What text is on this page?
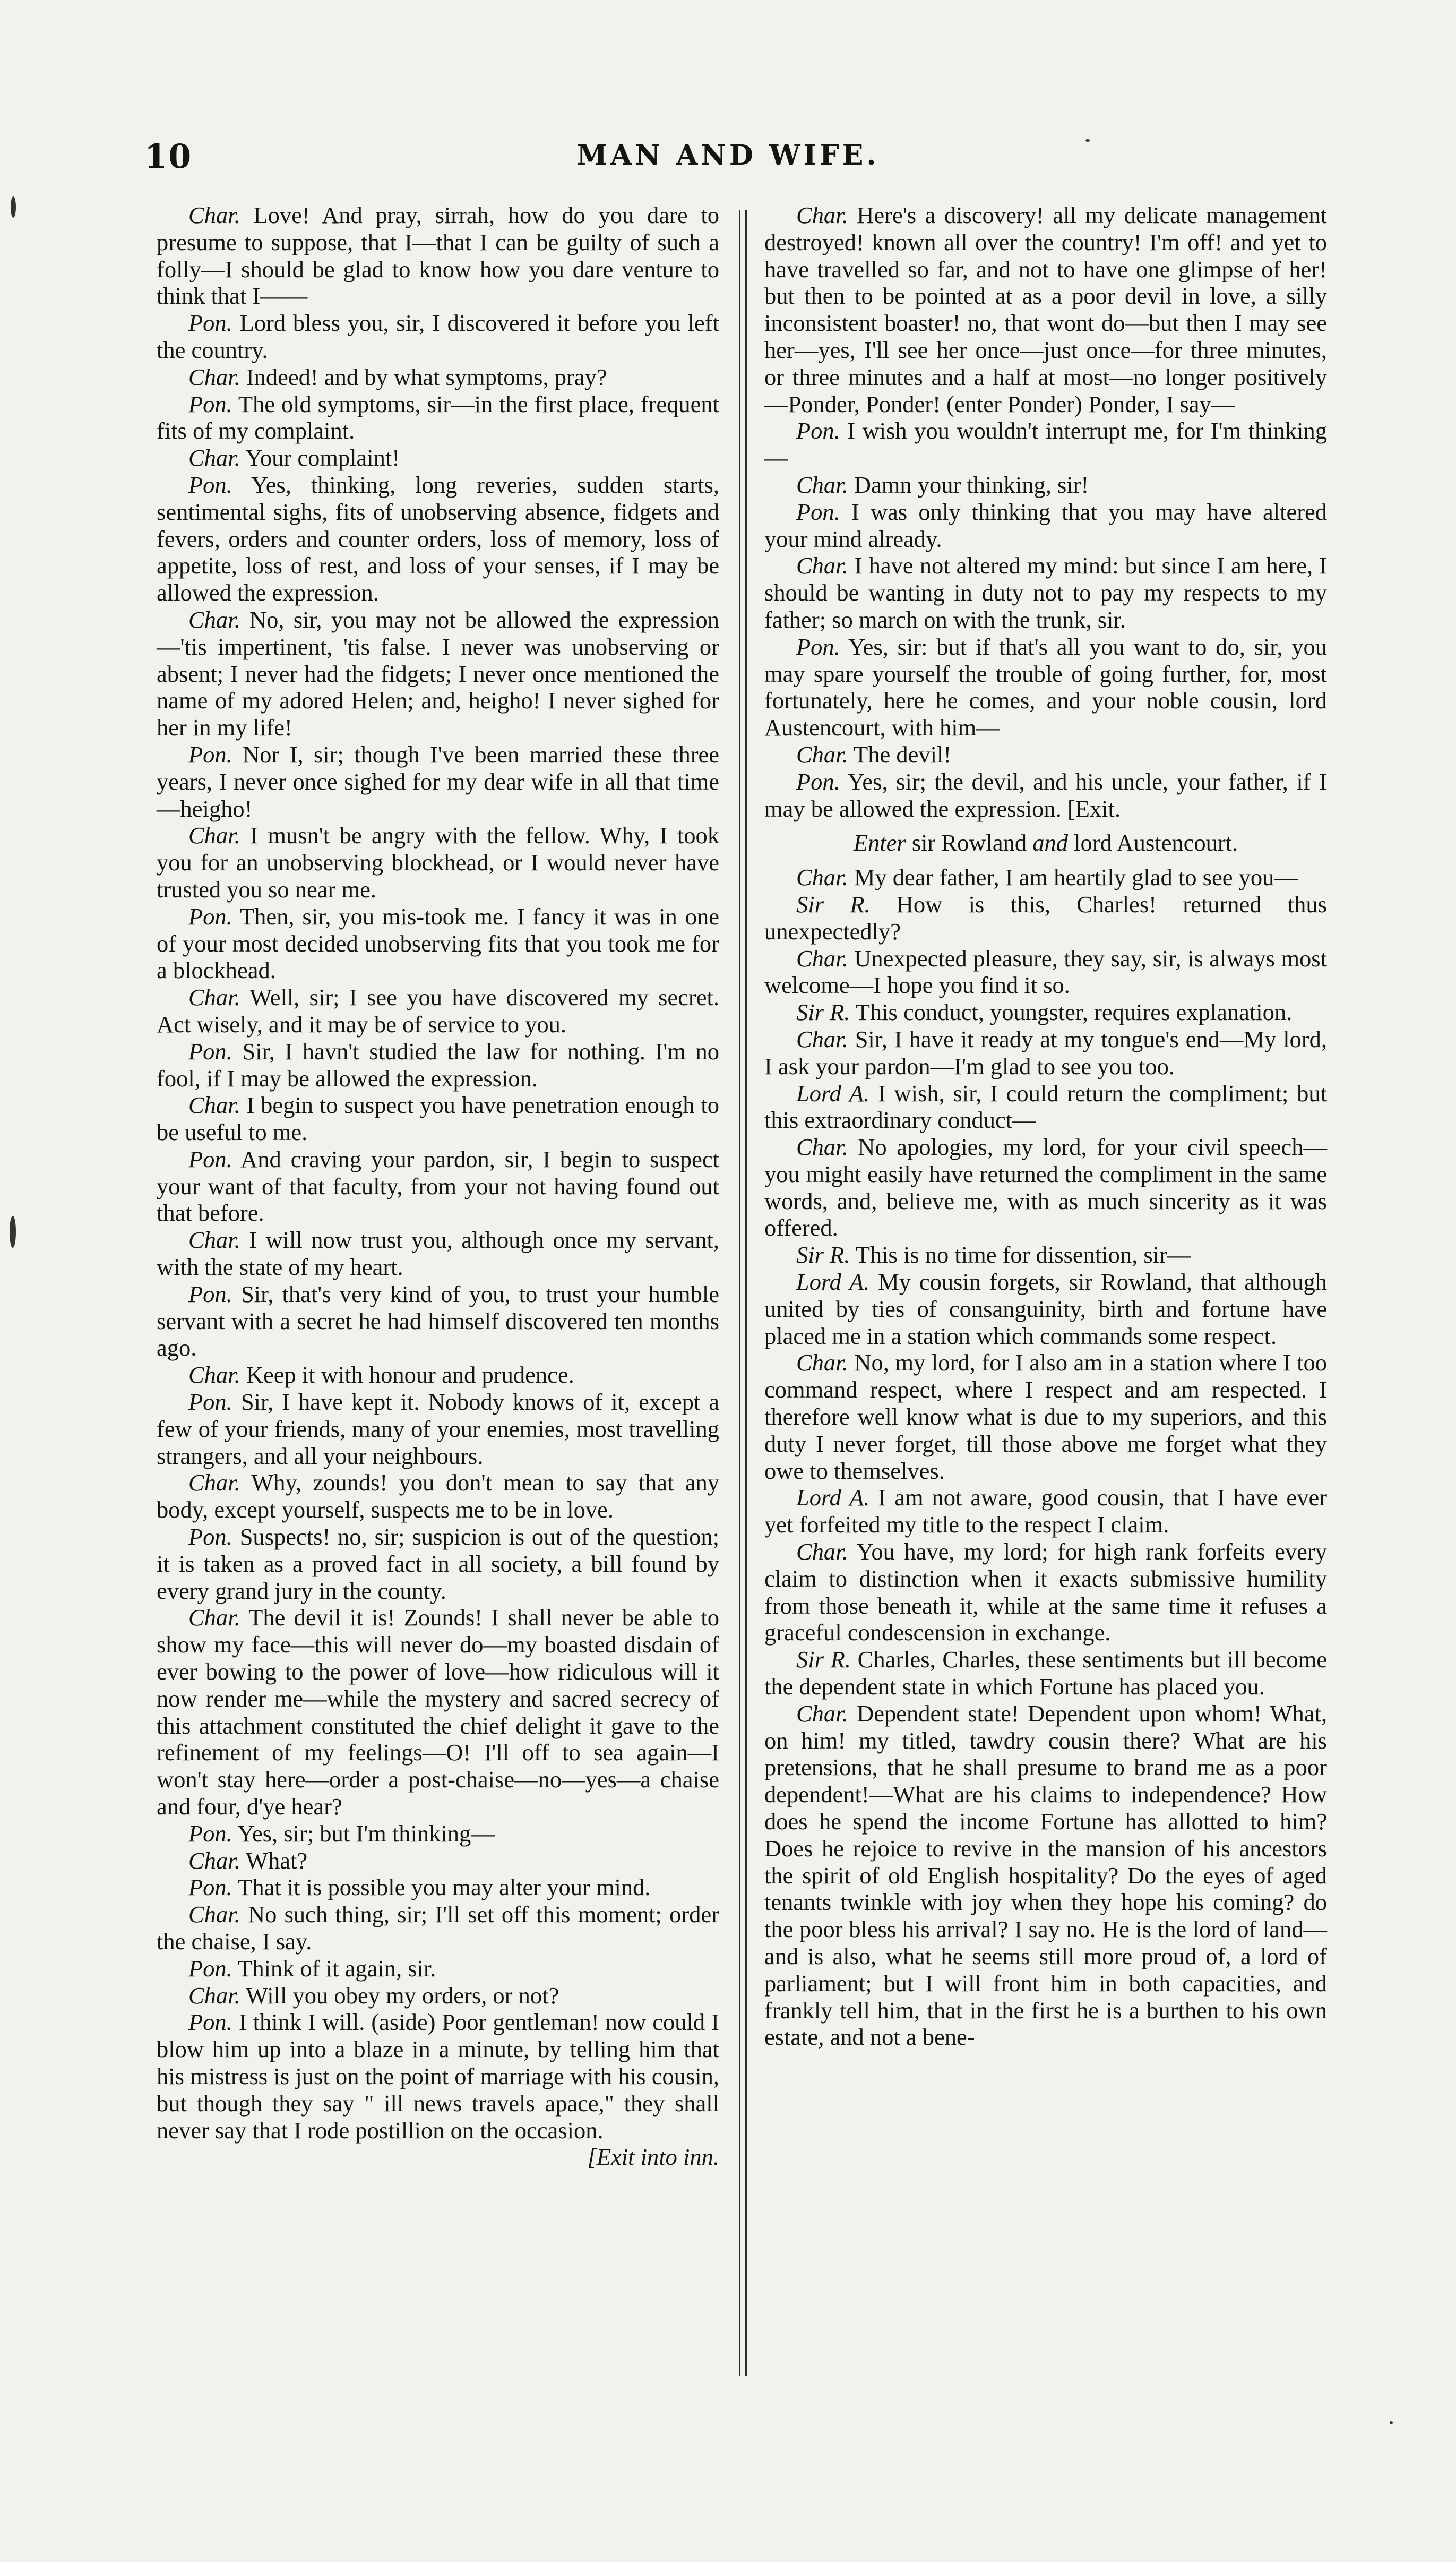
10	MAN AND WIFE.

Char. Love! And pray, sirrah, how do you dare to presume to suppose, that I—that I can be guilty of such a folly—I should be glad to know how you dare venture to think that I——

Pon. Lord bless you, sir, I discovered it before you left the country.

Char. Indeed! and by what symptoms, pray?

Pon. The old symptoms, sir—in the first place, frequent fits of my complaint.

Char. Your complaint!

Pon. Yes, thinking, long reveries, sudden starts, sentimental sighs, fits of unobserving absence, fidgets and fevers, orders and counter orders, loss of memory, loss of appetite, loss of rest, and loss of your senses, if I may be allowed the expression.

Char. No, sir, you may not be allowed the expression—'tis impertinent, 'tis false. I never was unobserving or absent; I never had the fidgets; I never once mentioned the name of my adored Helen; and, heigho! I never sighed for her in my life!

Pon. Nor I, sir; though I've been married these three years, I never once sighed for my dear wife in all that time—heigho!

Char. I musn't be angry with the fellow. Why, I took you for an unobserving blockhead, or I would never have trusted you so near me.

Pon. Then, sir, you mis-took me. I fancy it was in one of your most decided unobserving fits that you took me for a blockhead.

Char. Well, sir; I see you have discovered my secret. Act wisely, and it may be of service to you.

Pon. Sir, I havn't studied the law for nothing. I'm no fool, if I may be allowed the expression.

Char. I begin to suspect you have penetration enough to be useful to me.

Pon. And craving your pardon, sir, I begin to suspect your want of that faculty, from your not having found out that before.

Char. I will now trust you, although once my servant, with the state of my heart.

Pon. Sir, that's very kind of you, to trust your humble servant with a secret he had himself discovered ten months ago.

Char. Keep it with honour and prudence.

Pon. Sir, I have kept it. Nobody knows of it, except a few of your friends, many of your enemies, most travelling strangers, and all your neighbours.

Char. Why, zounds! you don't mean to say that any body, except yourself, suspects me to be in love.

Pon. Suspects! no, sir; suspicion is out of the question; it is taken as a proved fact in all society, a bill found by every grand jury in the county.

Char. The devil it is! Zounds! I shall never be able to show my face—this will never do—my boasted disdain of ever bowing to the power of love—how ridiculous will it now render me—while the mystery and sacred secrecy of this attachment constituted the chief delight it gave to the refinement of my feelings—O! I'll off to sea again—I won't stay here—order a post-chaise—no—yes—a chaise and four, d'ye hear?

Pon. Yes, sir; but I'm thinking—

Char. What?

Pon. That it is possible you may alter your mind.

Char. No such thing, sir; I'll set off this moment; order the chaise, I say.

Pon. Think of it again, sir.

Char. Will you obey my orders, or not?

Pon. I think I will. (aside) Poor gentleman! now could I blow him up into a blaze in a minute, by telling him that his mistress is just on the point of marriage with his cousin, but though they say " ill news travels apace," they shall never say that I rode postillion on the occasion.

[Exit into inn.

Char. Here's a discovery! all my delicate management destroyed! known all over the country! I'm off! and yet to have travelled so far, and not to have one glimpse of her! but then to be pointed at as a poor devil in love, a silly inconsistent boaster! no, that wont do—but then I may see her—yes, I'll see her once—just once—for three minutes, or three minutes and a half at most—no longer positively—Ponder, Ponder! (enter Ponder) Ponder, I say—

Pon. I wish you wouldn't interrupt me, for I'm thinking—

Char. Damn your thinking, sir!

Pon. I was only thinking that you may have altered your mind already.

Char. I have not altered my mind: but since I am here, I should be wanting in duty not to pay my respects to my father; so march on with the trunk, sir.

Pon. Yes, sir: but if that's all you want to do, sir, you may spare yourself the trouble of going further, for, most fortunately, here he comes, and your noble cousin, lord Austencourt, with him—

Char. The devil!

Pon. Yes, sir; the devil, and his uncle, your father, if I may be allowed the expression. [Exit.

Enter sir Rowland and lord Austencourt.

Char. My dear father, I am heartily glad to see you—

Sir R. How is this, Charles! returned thus unexpectedly?

Char. Unexpected pleasure, they say, sir, is always most welcome—I hope you find it so.

Sir R. This conduct, youngster, requires explanation.

Char. Sir, I have it ready at my tongue's end—My lord, I ask your pardon—I'm glad to see you too.

Lord A. I wish, sir, I could return the compliment; but this extraordinary conduct—

Char. No apologies, my lord, for your civil speech—you might easily have returned the compliment in the same words, and, believe me, with as much sincerity as it was offered.

Sir R. This is no time for dissention, sir—

Lord A. My cousin forgets, sir Rowland, that although united by ties of consanguinity, birth and fortune have placed me in a station which commands some respect.

Char. No, my lord, for I also am in a station where I too command respect, where I respect and am respected. I therefore well know what is due to my superiors, and this duty I never forget, till those above me forget what they owe to themselves.

Lord A. I am not aware, good cousin, that I have ever yet forfeited my title to the respect I claim.

Char. You have, my lord; for high rank forfeits every claim to distinction when it exacts submissive humility from those beneath it, while at the same time it refuses a graceful condescension in exchange.

Sir R. Charles, Charles, these sentiments but ill become the dependent state in which Fortune has placed you.

Char. Dependent state! Dependent upon whom! What, on him! my titled, tawdry cousin there? What are his pretensions, that he shall presume to brand me as a poor dependent!—What are his claims to independence? How does he spend the income Fortune has allotted to him? Does he rejoice to revive in the mansion of his ancestors the spirit of old English hospitality? Do the eyes of aged tenants twinkle with joy when they hope his coming? do the poor bless his arrival? I say no. He is the lord of land—and is also, what he seems still more proud of, a lord of parliament; but I will front him in both capacities, and frankly tell him, that in the first he is a burthen to his own estate, and not a bene-
